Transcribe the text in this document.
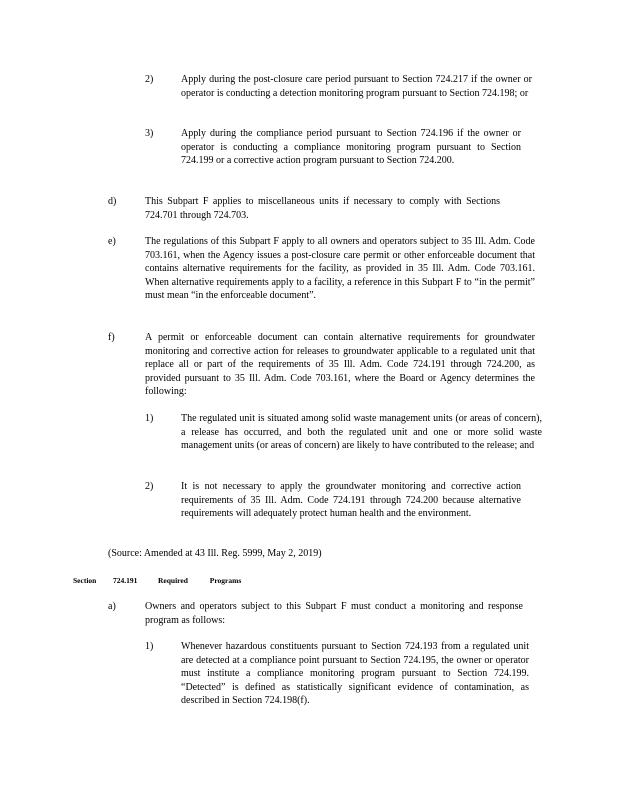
2)	Apply during the post-closure care period pursuant to Section 724.217 if the owner or operator is conducting a detection monitoring program pursuant to Section 724.198; or
3)	Apply during the compliance period pursuant to Section 724.196 if the owner or operator is conducting a compliance monitoring program pursuant to Section 724.199 or a corrective action program pursuant to Section 724.200.
d)	This Subpart F applies to miscellaneous units if necessary to comply with Sections 724.701 through 724.703.
e)	The regulations of this Subpart F apply to all owners and operators subject to 35 Ill. Adm. Code 703.161, when the Agency issues a post-closure care permit or other enforceable document that contains alternative requirements for the facility, as provided in 35 Ill. Adm. Code 703.161. When alternative requirements apply to a facility, a reference in this Subpart F to “in the permit” must mean “in the enforceable document”.
f)	A permit or enforceable document can contain alternative requirements for groundwater monitoring and corrective action for releases to groundwater applicable to a regulated unit that replace all or part of the requirements of 35 Ill. Adm. Code 724.191 through 724.200, as provided pursuant to 35 Ill. Adm. Code 703.161, where the Board or Agency determines the following:
1)	The regulated unit is situated among solid waste management units (or areas of concern), a release has occurred, and both the regulated unit and one or more solid waste management units (or areas of concern) are likely to have contributed to the release; and
2)	It is not necessary to apply the groundwater monitoring and corrective action requirements of 35 Ill. Adm. Code 724.191 through 724.200 because alternative requirements will adequately protect human health and the environment.
(Source: Amended at 43 Ill. Reg. 5999, May 2, 2019)
Section 724.191	Required Programs
a)	Owners and operators subject to this Subpart F must conduct a monitoring and response program as follows:
1)	Whenever hazardous constituents pursuant to Section 724.193 from a regulated unit are detected at a compliance point pursuant to Section 724.195, the owner or operator must institute a compliance monitoring program pursuant to Section 724.199. “Detected” is defined as statistically significant evidence of contamination, as described in Section 724.198(f).
